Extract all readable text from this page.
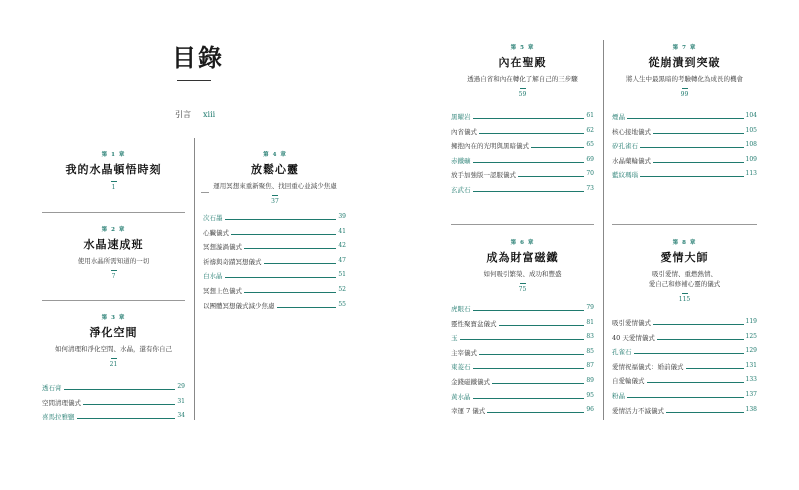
目錄
引言 xiii
第 1 章
我的水晶頓悟時刻
1
第 2 章
水晶速成班
使用水晶所需知道的一切
7
第 3 章
淨化空間
如何清理和淨化空間、水晶，還有你自己
21
透石膏	29
空間清理儀式	31
喜馬拉雅鹽	34
第 4 章
放鬆心靈
運用冥想來重新聚焦、找回重心並減少焦慮
37
次石墨	39
心臟儀式	41
冥想漩渦儀式	42
祈禱與奇蹟冥想儀式	47
白水晶	51
冥想上色儀式	52
以團體冥想儀式減少焦慮	55
第 5 章
內在聖殿
透過自省和內在轉化了解自己的三步驟
59
黑曜岩	61
內省儀式	62
擁抱內在的光明與黑暗儀式	65
赤鐵礦	69
放手加強版一認服儀式	70
玄武石	73
第 7 章
從崩潰到突破
將人生中最黑暗的考驗轉化為成長的機會
99
煙晶	104
核心接地儀式	105
矽孔雀石	108
水晶藥輪儀式	109
藍紋瑪瑙	113
第 6 章
成為財富磁鐵
如何吸引繁榮、成功和豐盛
75
虎眼石	79
靈性聚寶盆儀式	81
玉	83
主宰儀式	85
東菱石	87
金錢磁鐵儀式	89
黃水晶	95
幸運 7 儀式	96
第 8 章
愛情大師
吸引愛情、重燃熱情、
愛自己和修補心靈的儀式
115
吸引愛情儀式	119
40 天愛情儀式	125
孔雀石	129
愛情祝福儀式：婚前儀式	131
自愛輪儀式	133
粉晶	137
愛情活力不滅儀式	138
